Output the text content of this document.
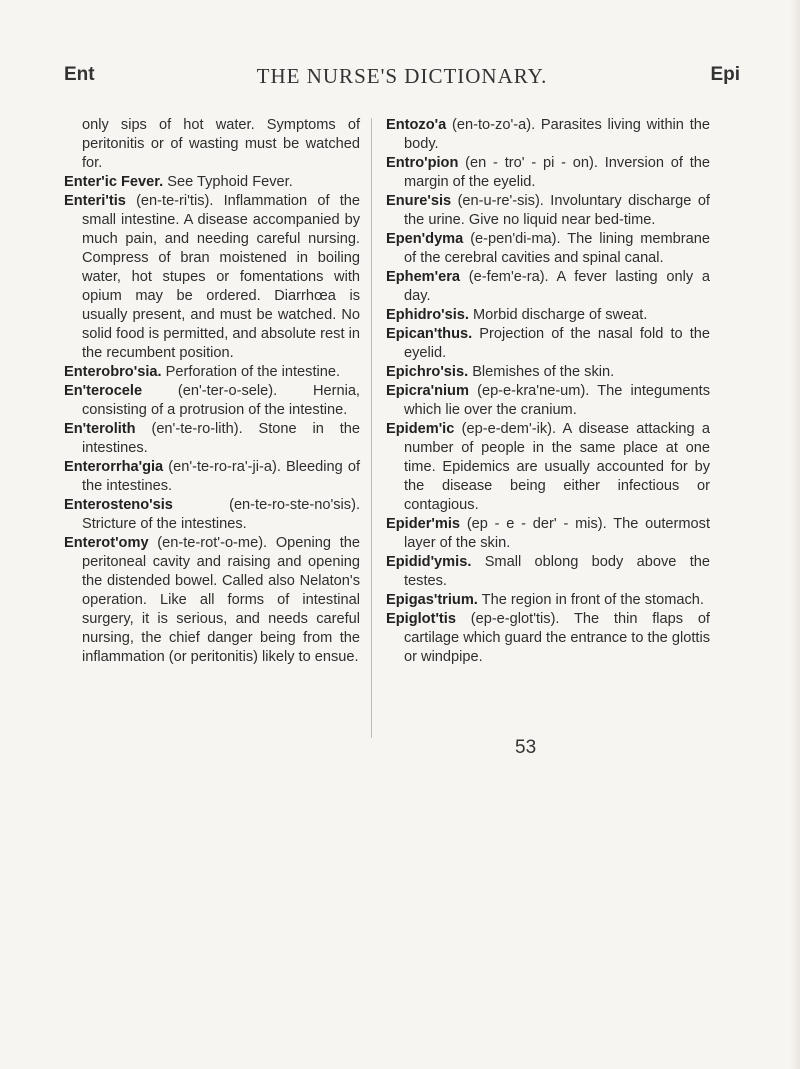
Ent	THE NURSE'S DICTIONARY.	Epi

only sips of hot water. Symptoms of peritonitis or of wasting must be watched for.

Enter'ic Fever. See Typhoid Fever.

Enteri'tis (en-te-ri'tis). Inflammation of the small intestine. A disease accompanied by much pain, and needing careful nursing. Compress of bran moistened in boiling water, hot stupes or fomentations with opium may be ordered. Diarrhœa is usually present, and must be watched. No solid food is permitted, and absolute rest in the recumbent position.

Enterobro'sia. Perforation of the intestine.

En'terocele (en'-ter-o-sele). Hernia, consisting of a protrusion of the intestine.

En'terolith (en'-te-ro-lith). Stone in the intestines.

Enterorrha'gia (en'-te-ro-ra'-ji-a). Bleeding of the intestines.

Enterosteno'sis	(en-te-ro-ste-no'sis). Stricture of the intestines.

Enterot'omy (en-te-rot'-o-me). Opening the peritoneal cavity and raising and opening the distended bowel. Called also Nelaton's operation. Like all forms of intestinal surgery, it is serious, and needs careful nursing, the chief danger being from the inflammation (or peritonitis) likely to ensue.

Entozo'a (en-to-zo'-a). Parasites living within the body.

Entro'pion (en - tro' - pi - on). Inversion of the margin of the eyelid.

Enure'sis (en-u-re'-sis). Involuntary discharge of the urine. Give no liquid near bed-time.

Epen'dyma (e-pen'di-ma). The lining membrane of the cerebral cavities and spinal canal.

Ephem'era (e-fem'e-ra). A fever lasting only a day.

Ephidro'sis. Morbid discharge of sweat.

Epican'thus. Projection of the nasal fold to the eyelid.

Epichro'sis. Blemishes of the skin.

Epicra'nium (ep-e-kra'ne-um). The integuments which lie over the cranium.

Epidem'ic (ep-e-dem'-ik). A disease attacking a number of people in the same place at one time. Epidemics are usually accounted for by the disease being either infectious or contagious.

Epider'mis (ep - e - der' - mis). The outermost layer of the skin.

Epidid'ymis. Small oblong body above the testes.

Epigas'trium. The region in front of the stomach.

Epiglot'tis (ep-e-glot'tis). The thin flaps of cartilage which guard the entrance to the glottis or windpipe.

53
